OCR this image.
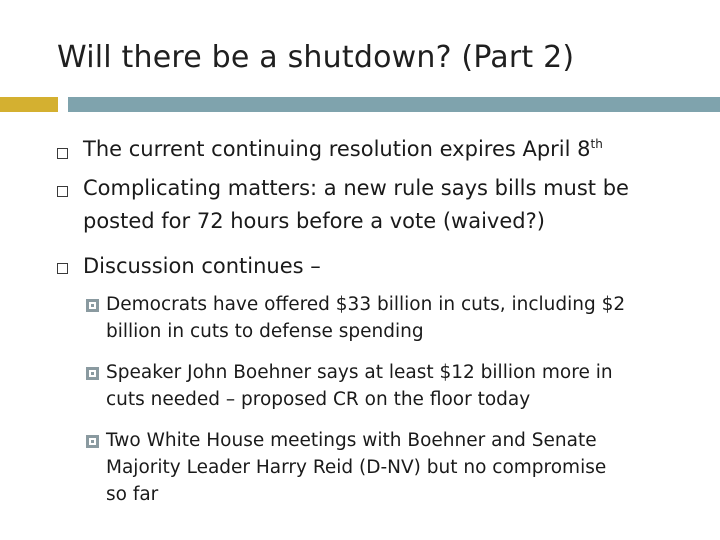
Will there be a shutdown? (Part 2)
The current continuing resolution expires April 8th
Complicating matters: a new rule says bills must be
posted for 72 hours before a vote (waived?)
Discussion continues –
Democrats have offered $33 billion in cuts, including $2
billion in cuts to defense spending
Speaker John Boehner says at least $12 billion more in
cuts needed – proposed CR on the floor today
Two White House meetings with Boehner and Senate
Majority Leader Harry Reid (D-NV) but no compromise
so far
